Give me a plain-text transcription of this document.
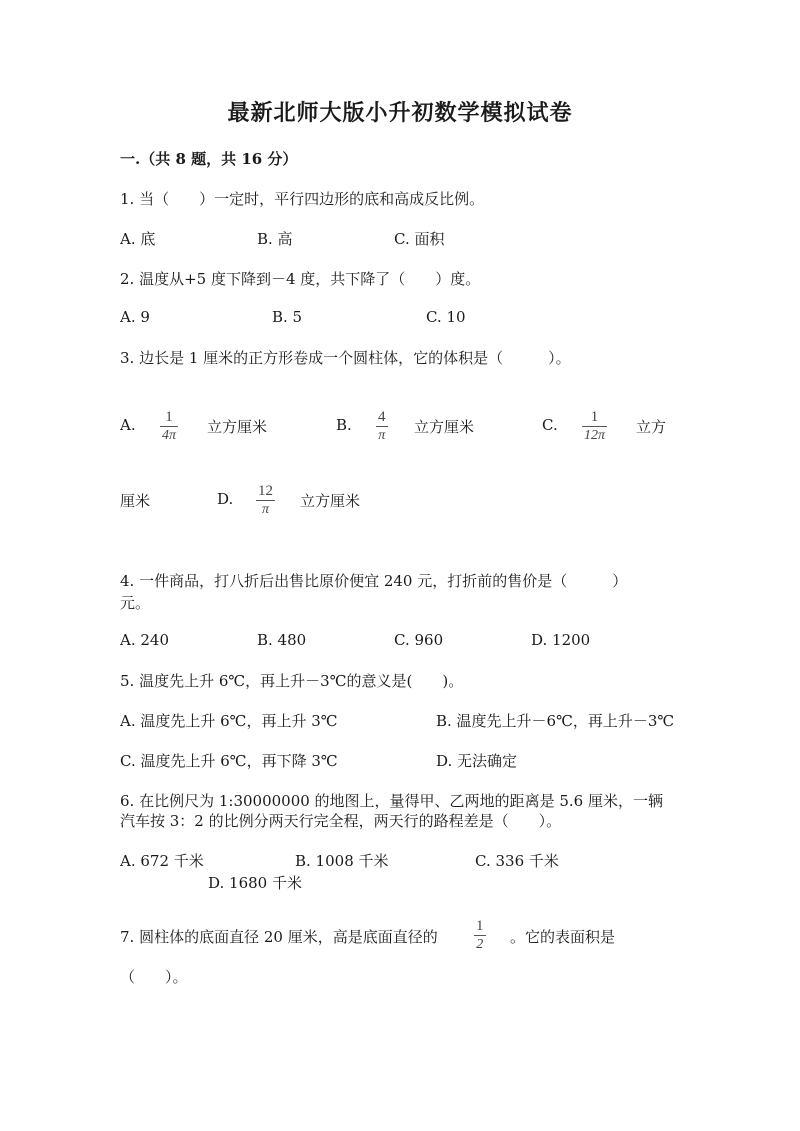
最新北师大版小升初数学模拟试卷
一.（共 8 题，共 16 分）
1. 当（　　）一定时，平行四边形的底和高成反比例。
A. 底	B. 高	C. 面积
2. 温度从+5 度下降到－4 度，共下降了（　　）度。
A. 9	B. 5	C. 10
3. 边长是 1 厘米的正方形卷成一个圆柱体，它的体积是（　　　）。
A. 1
4π 立方厘米	B. 4
π 立方厘米	C. 1
12π 立方
厘米	D. 12
π 立方厘米
4. 一件商品，打八折后出售比原价便宜 240 元，打折前的售价是（　　　）
元。
A. 240	B. 480	C. 960	D. 1200
5. 温度先上升 6℃，再上升－3℃的意义是(　　)。
A. 温度先上升 6℃，再上升 3℃	B. 温度先上升－6℃，再上升－3℃
C. 温度先上升 6℃，再下降 3℃	D. 无法确定
6. 在比例尺为 1:30000000 的地图上，量得甲、乙两地的距离是 5.6 厘米，一辆
汽车按 3：2 的比例分两天行完全程，两天行的路程差是（　　）。
A. 672 千米	B. 1008 千米	C. 336 千米
D. 1680 千米
7. 圆柱体的底面直径 20 厘米，高是底面直径的
1
2 。它的表面积是
（　　）。
